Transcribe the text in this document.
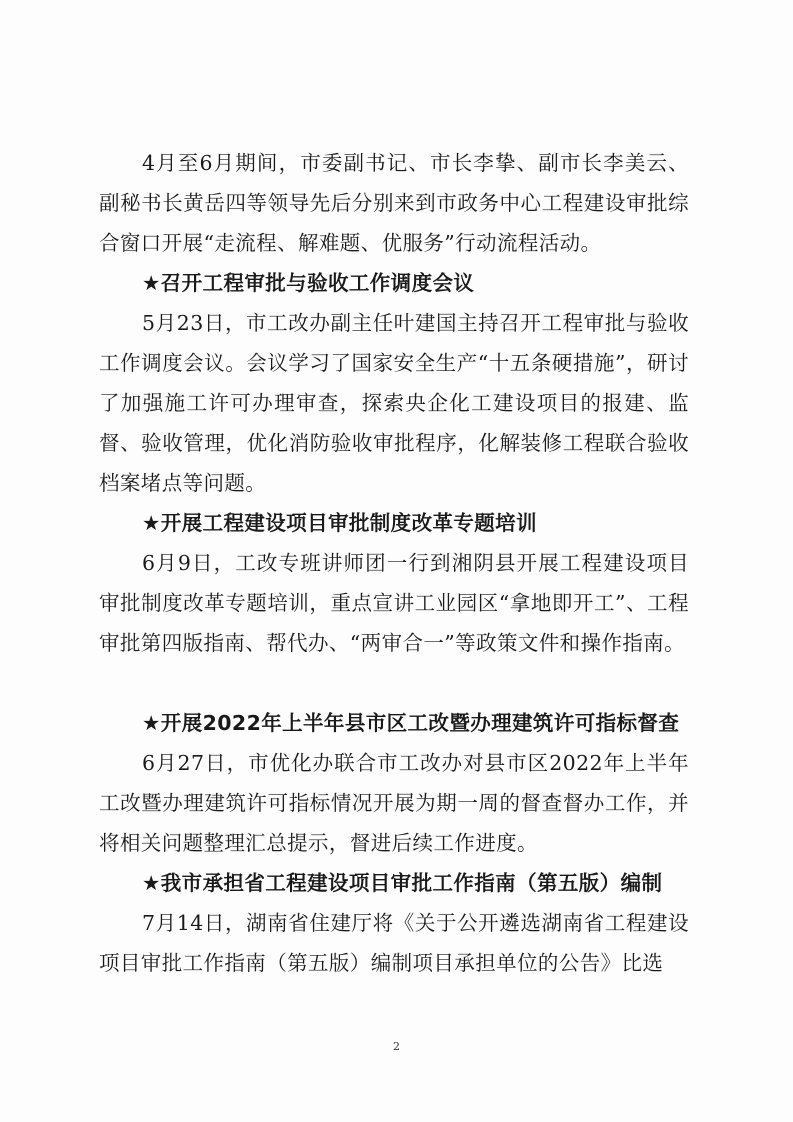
4月至6月期间，市委副书记、市长李挚、副市长李美云、副秘书长黄岳四等领导先后分别来到市政务中心工程建设审批综合窗口开展“走流程、解难题、优服务”行动流程活动。

★召开工程审批与验收工作调度会议

5月23日，市工改办副主任叶建国主持召开工程审批与验收工作调度会议。会议学习了国家安全生产“十五条硬措施”，研讨了加强施工许可办理审查，探索央企化工建设项目的报建、监督、验收管理，优化消防验收审批程序，化解装修工程联合验收档案堵点等问题。

★开展工程建设项目审批制度改革专题培训

6月9日，工改专班讲师团一行到湘阴县开展工程建设项目审批制度改革专题培训，重点宣讲工业园区“拿地即开工”、工程审批第四版指南、帮代办、“两审合一”等政策文件和操作指南。

★开展2022年上半年县市区工改暨办理建筑许可指标督查

6月27日，市优化办联合市工改办对县市区2022年上半年工改暨办理建筑许可指标情况开展为期一周的督查督办工作，并将相关问题整理汇总提示，督进后续工作进度。

★我市承担省工程建设项目审批工作指南（第五版）编制

7月14日，湖南省住建厅将《关于公开遴选湖南省工程建设项目审批工作指南（第五版）编制项目承担单位的公告》比选

2
